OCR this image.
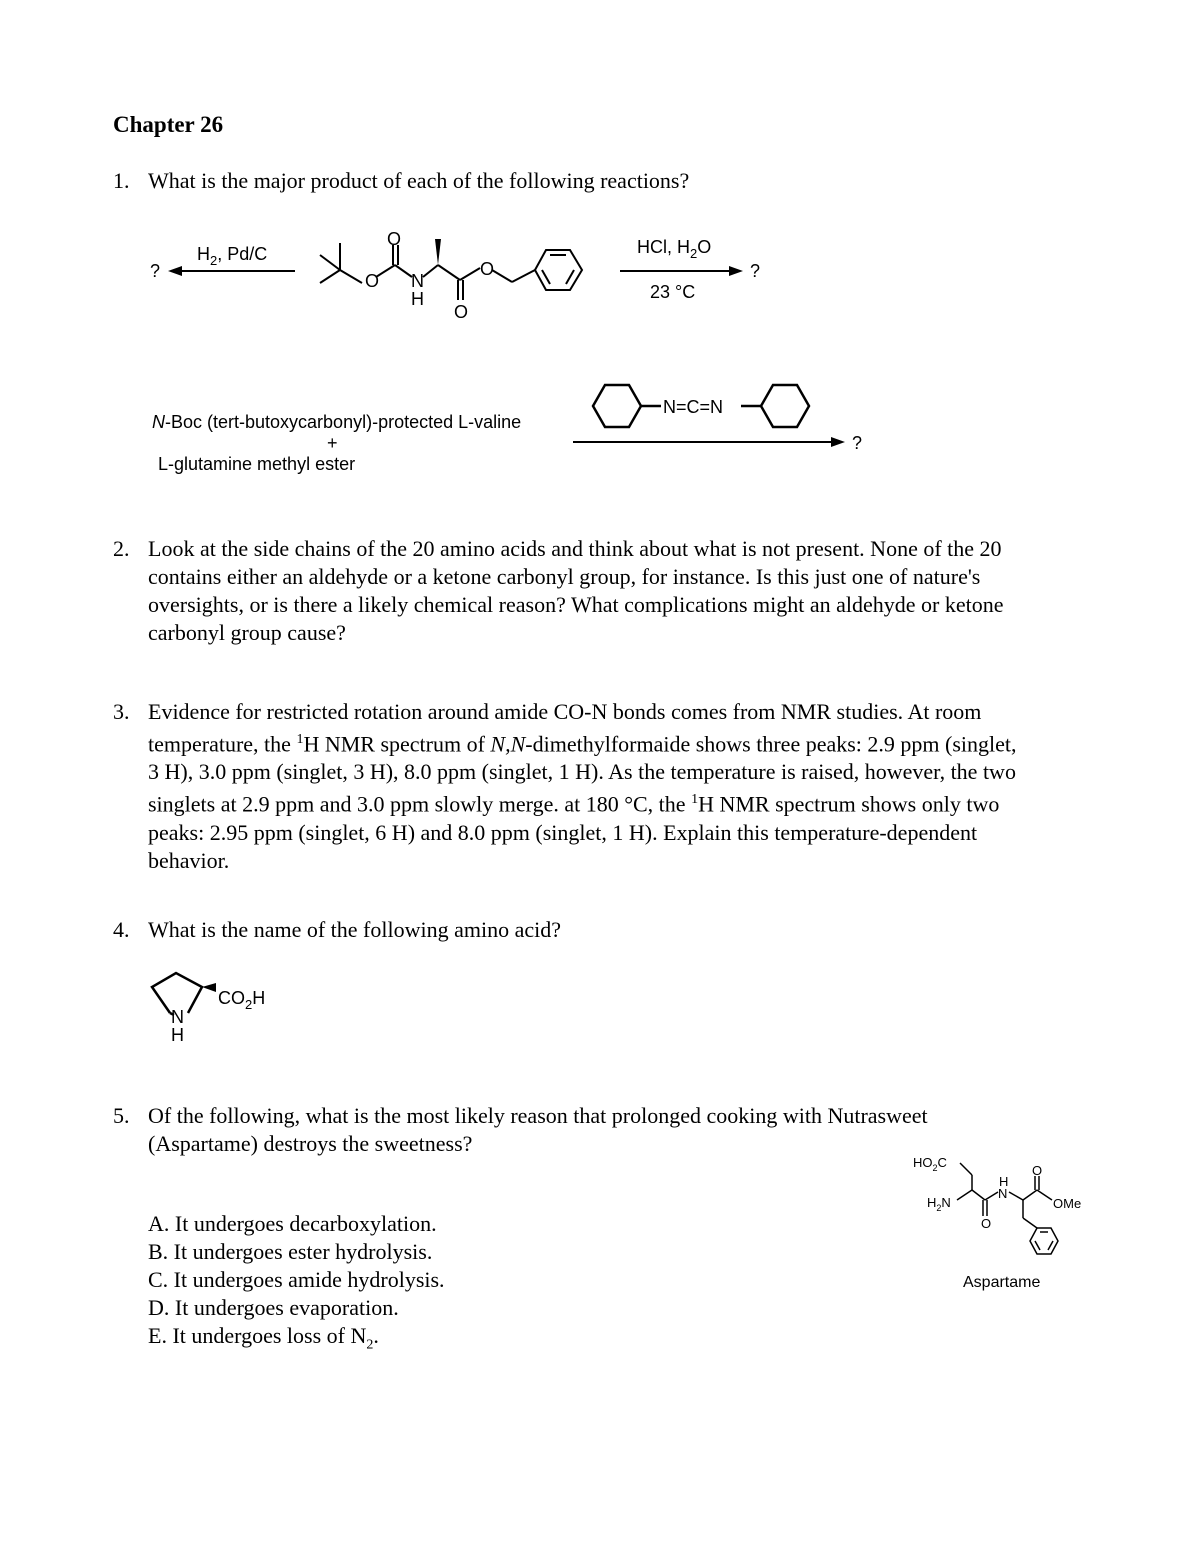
Chapter 26
1. What is the major product of each of the following reactions?
?
$H_2$, Pd/C
O
O
N
H
O
O
HCl, $H_2O$
23 °C
?
N-Boc (tert-butoxycarbonyl)-protected L-valine
+
L-glutamine methyl ester
N=C=N
?
2. Look at the side chains of the 20 amino acids and think about what is not present. None of the 20
contains either an aldehyde or a ketone carbonyl group, for instance. Is this just one of nature's
oversights, or is there a likely chemical reason? What complications might an aldehyde or ketone
carbonyl group cause?
3. Evidence for restricted rotation around amide CO-N bonds comes from NMR studies. At room
temperature, the $^1$H NMR spectrum of N,N-dimethylformaide shows three peaks: 2.9 ppm (singlet,
3 H), 3.0 ppm (singlet, 3 H), 8.0 ppm (singlet, 1 H). As the temperature is raised, however, the two
singlets at 2.9 ppm and 3.0 ppm slowly merge. at 180 °C, the $^1$H NMR spectrum shows only two
peaks: 2.95 ppm (singlet, 6 H) and 8.0 ppm (singlet, 1 H). Explain this temperature-dependent
behavior.
4. What is the name of the following amino acid?
N
H
$CO_2H$
5. Of the following, what is the most likely reason that prolonged cooking with Nutrasweet
(Aspartame) destroys the sweetness?
A. It undergoes decarboxylation.
B. It undergoes ester hydrolysis.
C. It undergoes amide hydrolysis.
D. It undergoes evaporation.
E. It undergoes loss of $N_2$.
$HO_2C$
$H_2N$
H
N
O
O
OMe
Aspartame
